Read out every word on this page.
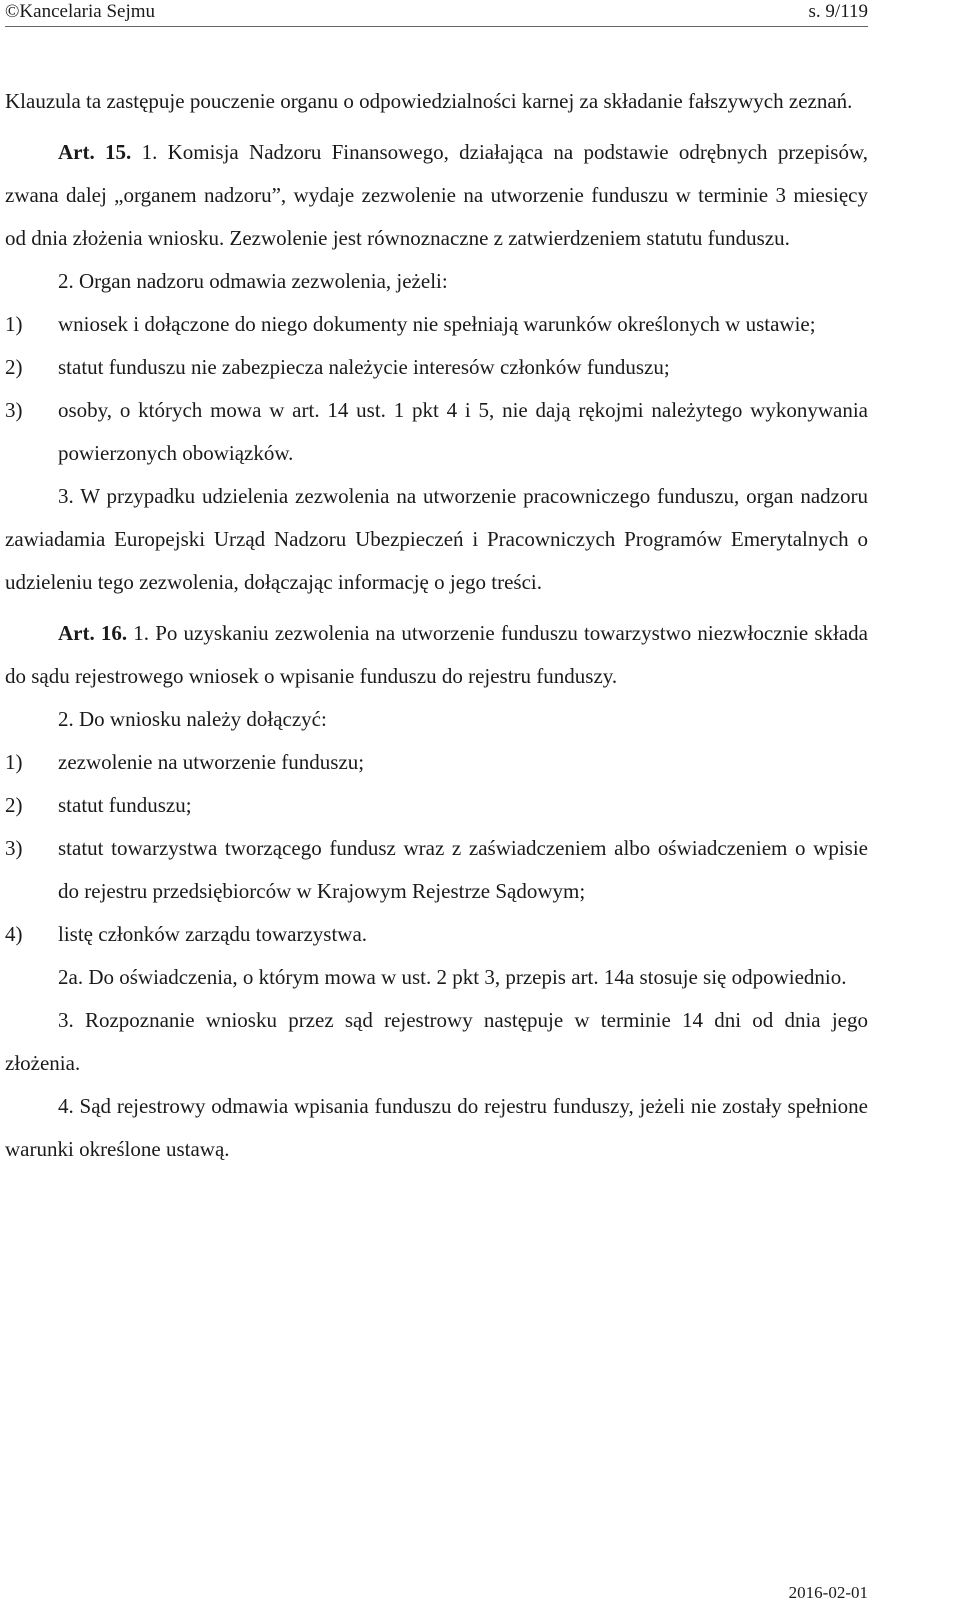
©Kancelaria Sejmu	s. 9/119

Klauzula ta zastępuje pouczenie organu o odpowiedzialności karnej za składanie fałszywych zeznań.

Art. 15. 1. Komisja Nadzoru Finansowego, działająca na podstawie odrębnych przepisów, zwana dalej „organem nadzoru”, wydaje zezwolenie na utworzenie funduszu w terminie 3 miesięcy od dnia złożenia wniosku. Zezwolenie jest równoznaczne z zatwierdzeniem statutu funduszu.

2. Organ nadzoru odmawia zezwolenia, jeżeli:

1)	wniosek i dołączone do niego dokumenty nie spełniają warunków określonych w ustawie;
2)	statut funduszu nie zabezpiecza należycie interesów członków funduszu;
3)	osoby, o których mowa w art. 14 ust. 1 pkt 4 i 5, nie dają rękojmi należytego wykonywania powierzonych obowiązków.

3. W przypadku udzielenia zezwolenia na utworzenie pracowniczego funduszu, organ nadzoru zawiadamia Europejski Urząd Nadzoru Ubezpieczeń i Pracowniczych Programów Emerytalnych o udzieleniu tego zezwolenia, dołączając informację o jego treści.

Art. 16. 1. Po uzyskaniu zezwolenia na utworzenie funduszu towarzystwo niezwłocznie składa do sądu rejestrowego wniosek o wpisanie funduszu do rejestru funduszy.

2. Do wniosku należy dołączyć:

1)	zezwolenie na utworzenie funduszu;
2)	statut funduszu;
3)	statut towarzystwa tworzącego fundusz wraz z zaświadczeniem albo oświadczeniem o wpisie do rejestru przedsiębiorców w Krajowym Rejestrze Sądowym;
4)	listę członków zarządu towarzystwa.

2a. Do oświadczenia, o którym mowa w ust. 2 pkt 3, przepis art. 14a stosuje się odpowiednio.

3. Rozpoznanie wniosku przez sąd rejestrowy następuje w terminie 14 dni od dnia jego złożenia.

4. Sąd rejestrowy odmawia wpisania funduszu do rejestru funduszy, jeżeli nie zostały spełnione warunki określone ustawą.

2016-02-01
